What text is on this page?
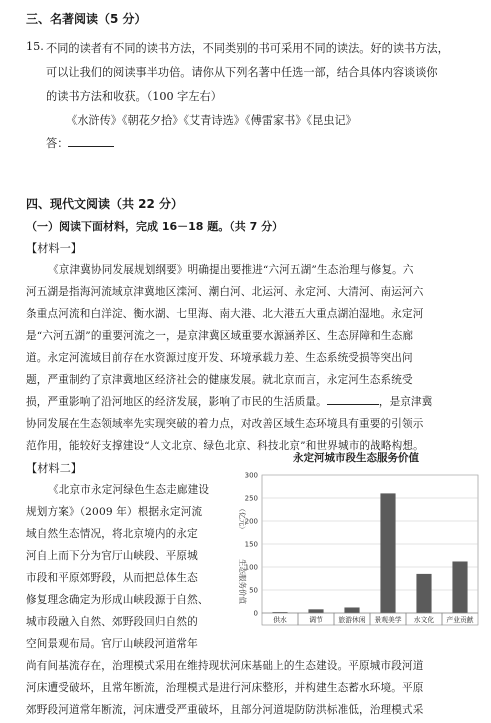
三、名著阅读（5 分）
15. 不同的读者有不同的读书方法，不同类别的书可采用不同的读法。好的读书方法，
可以让我们的阅读事半功倍。请你从下列名著中任选一部，结合具体内容谈谈你
的读书方法和收获。（100 字左右）
《水浒传》《朝花夕拾》《艾青诗选》《傅雷家书》《昆虫记》
答：
四、现代文阅读（共 22 分）
（一）阅读下面材料，完成 16－18 题。（共 7 分）
【材料一】
《京津冀协同发展规划纲要》明确提出要推进“六河五湖”生态治理与修复。六
河五湖是指海河流域京津冀地区滦河、潮白河、北运河、永定河、大清河、南运河六
条重点河流和白洋淀、衡水湖、七里海、南大港、北大港五大重点湖泊湿地。永定河
是“六河五湖”的重要河流之一，是京津冀区域重要水源涵养区、生态屏障和生态廊
道。永定河流域目前存在水资源过度开发、环境承载力差、生态系统受损等突出问
题，严重制约了京津冀地区经济社会的健康发展。就北京而言，永定河生态系统受
损，严重影响了沿河地区的经济发展，影响了市民的生活质量。	，是京津冀
协同发展在生态领域率先实现突破的着力点，对改善区域生态环境具有重要的引领示
范作用，能较好支撑建设“人文北京、绿色北京、科技北京”和世界城市的战略构想。
【材料二】
《北京市永定河绿色生态走廊建设
规划方案》（2009 年）根据永定河流
域自然生态情况，将北京境内的永定
河自上而下分为官厅山峡段、平原城
市段和平原郊野段，从而把总体生态
修复理念确定为形成山峡段源于自然、
城市段融入自然、郊野段回归自然的
空间景观布局。官厅山峡段河道常年
尚有间基流存在，治理模式采用在维持现状河床基础上的生态建设。平原城市段河道
河床遭受破坏，且常年断流，治理模式是进行河床整形，并构建生态蓄水环境。平原
郊野段河道常年断流，河床遭受严重破坏，且部分河道堤防防洪标准低，治理模式采
永定河城市段生态服务价值
（亿元）
生态服务价值
0
50
100
150
200
250
300
供水	调节 旅游休闲 景观美学 水文化 产业贡献
